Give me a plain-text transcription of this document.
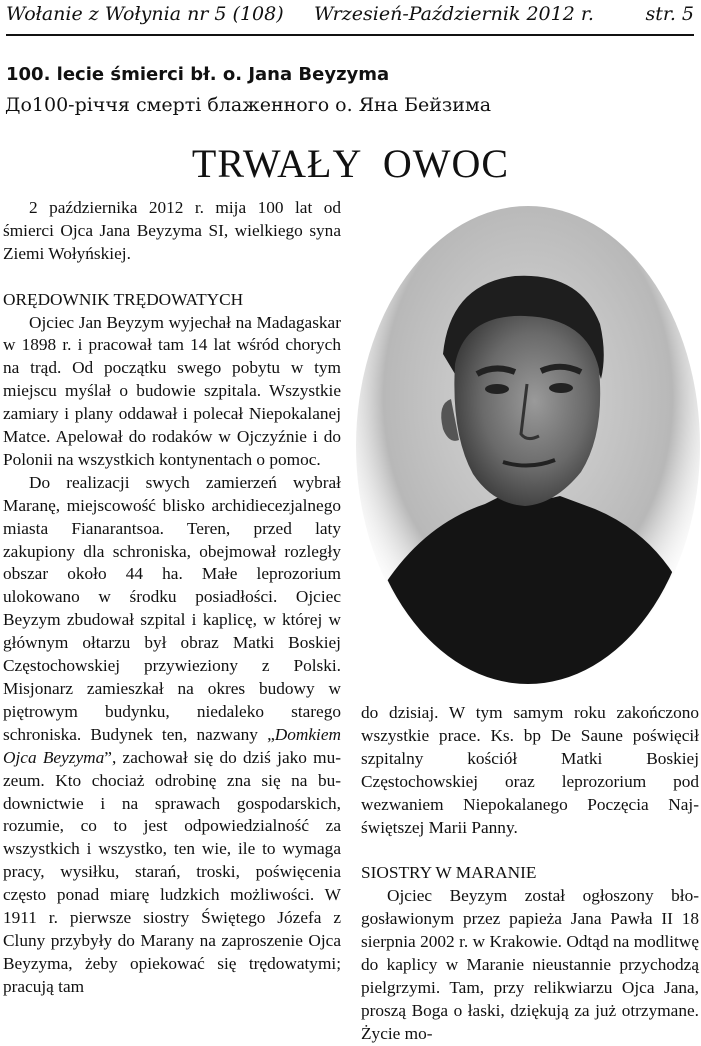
Wołanie z Wołynia nr 5 (108) Wrzesień-Październik 2012 r.	str. 5
100. lecie śmierci bł. o. Jana Beyzyma
До100-річчя смерті блаженного о. Яна Бейзима
TRWAŁY  OWOC

2 października 2012 r. mija 100 lat od śmierci Ojca Jana Beyzyma SI, wielkiego syna Ziemi Wołyńskiej.

ORĘDOWNIK TRĘDOWATYCH

Ojciec Jan Beyzym wyjechał na Madagaskar w 1898 r. i pracował tam 14 lat wśród chorych na trąd. Od początku swego pobytu w tym miejscu myślał o budowie szpitala. Wszystkie zamiary i plany oddawał i polecał Niepokalanej Matce. Apelował do rodaków w Ojczyźnie i do Polonii na wszystkich kontynentach o pomoc.

Do realizacji swych zamierzeń wybrał Maranę, miejscowość blisko archidiecezjalnego miasta Fianarantsoa. Teren, przed laty zakupiony dla schroniska, obejmował rozległy obszar około 44 ha. Małe leprozorium ulokowano w środku posiadłości. Ojciec Beyzym zbudował szpital i kaplicę, w której w głównym ołtarzu był obraz Matki Boskiej Częstochowskiej przywieziony z Polski. Misjonarz zamieszkał na okres budowy w piętrowym budynku, niedaleko starego schroniska. Budynek ten, nazwany „Domkiem Ojca Beyzyma”, zachował się do dziś jako muzeum. Kto chociaż odrobinę zna się na budownictwie i na sprawach gospodarskich, rozumie, co to jest odpowiedzialność za wszystkich i wszystko, ten wie, ile to wymaga pracy, wysiłku, starań, troski, poświęcenia często ponad miarę ludzkich możliwości. W 1911 r. pierwsze siostry Świętego Józefa z Cluny przybyły do Marany na zaproszenie Ojca Beyzyma, żeby opiekować się trędowatymi; pracują tam

do dzisiaj. W tym samym roku zakończono wszystkie prace. Ks. bp De Saune poświęcił szpitalny kościół Matki Boskiej Częstochowskiej oraz leprozorium pod wezwaniem Niepokalanego Poczęcia Najświętszej Marii Panny.

SIOSTRY W MARANIE

Ojciec Beyzym został ogłoszony błogosławionym przez papieża Jana Pawła II 18 sierpnia 2002 r. w Krakowie. Odtąd na modlitwę do kaplicy w Maranie nieustannie przychodzą pielgrzymi. Tam, przy relikwiarzu Ojca Jana, proszą Boga o łaski, dziękują za już otrzymane. Życie mo-
